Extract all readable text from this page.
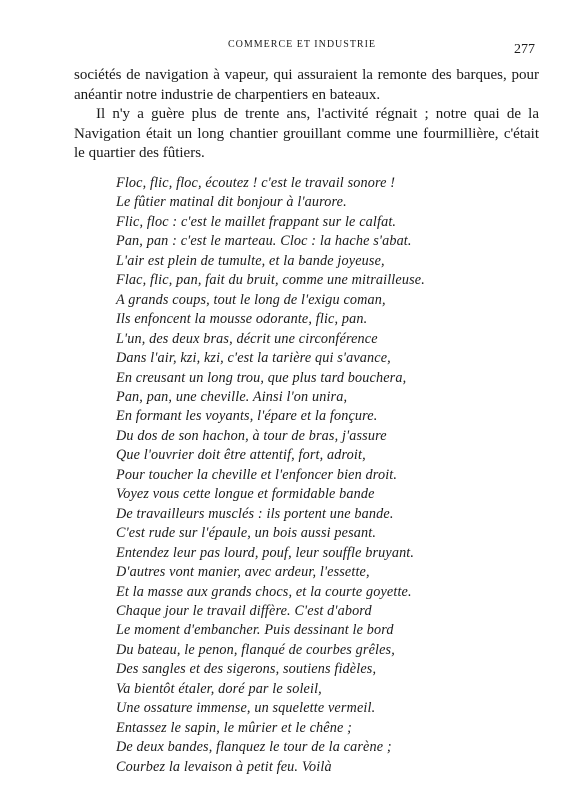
COMMERCE ET INDUSTRIE	277

sociétés de navigation à vapeur, qui assuraient la remonte des barques, pour anéantir notre industrie de charpentiers en bateaux.

Il n'y a guère plus de trente ans, l'activité régnait ; notre quai de la Navigation était un long chantier grouillant comme une fourmillière, c'était le quartier des fûtiers.

Floc, flic, floc, écoutez ! c'est le travail sonore !
Le fûtier matinal dit bonjour à l'aurore.
Flic, floc : c'est le maillet frappant sur le calfat.
Pan, pan : c'est le marteau. Cloc : la hache s'abat.
L'air est plein de tumulte, et la bande joyeuse,
Flac, flic, pan, fait du bruit, comme une mitrailleuse.
A grands coups, tout le long de l'exigu coman,
Ils enfoncent la mousse odorante, flic, pan.
L'un, des deux bras, décrit une circonférence
Dans l'air, kzi, kzi, c'est la tarière qui s'avance,
En creusant un long trou, que plus tard bouchera,
Pan, pan, une cheville. Ainsi l'on unira,
En formant les voyants, l'épare et la fonçure.
Du dos de son hachon, à tour de bras, j'assure
Que l'ouvrier doit être attentif, fort, adroit,
Pour toucher la cheville et l'enfoncer bien droit.
Voyez vous cette longue et formidable bande
De travailleurs musclés : ils portent une bande.
C'est rude sur l'épaule, un bois aussi pesant.
Entendez leur pas lourd, pouf, leur souffle bruyant.
D'autres vont manier, avec ardeur, l'essette,
Et la masse aux grands chocs, et la courte goyette.
Chaque jour le travail diffère. C'est d'abord
Le moment d'embancher. Puis dessinant le bord
Du bateau, le penon, flanqué de courbes grêles,
Des sangles et des sigerons, soutiens fidèles,
Va bientôt étaler, doré par le soleil,
Une ossature immense, un squelette vermeil.
Entassez le sapin, le mûrier et le chêne ;
De deux bandes, flanquez le tour de la carène ;
Courbez la levaison à petit feu. Voilà
